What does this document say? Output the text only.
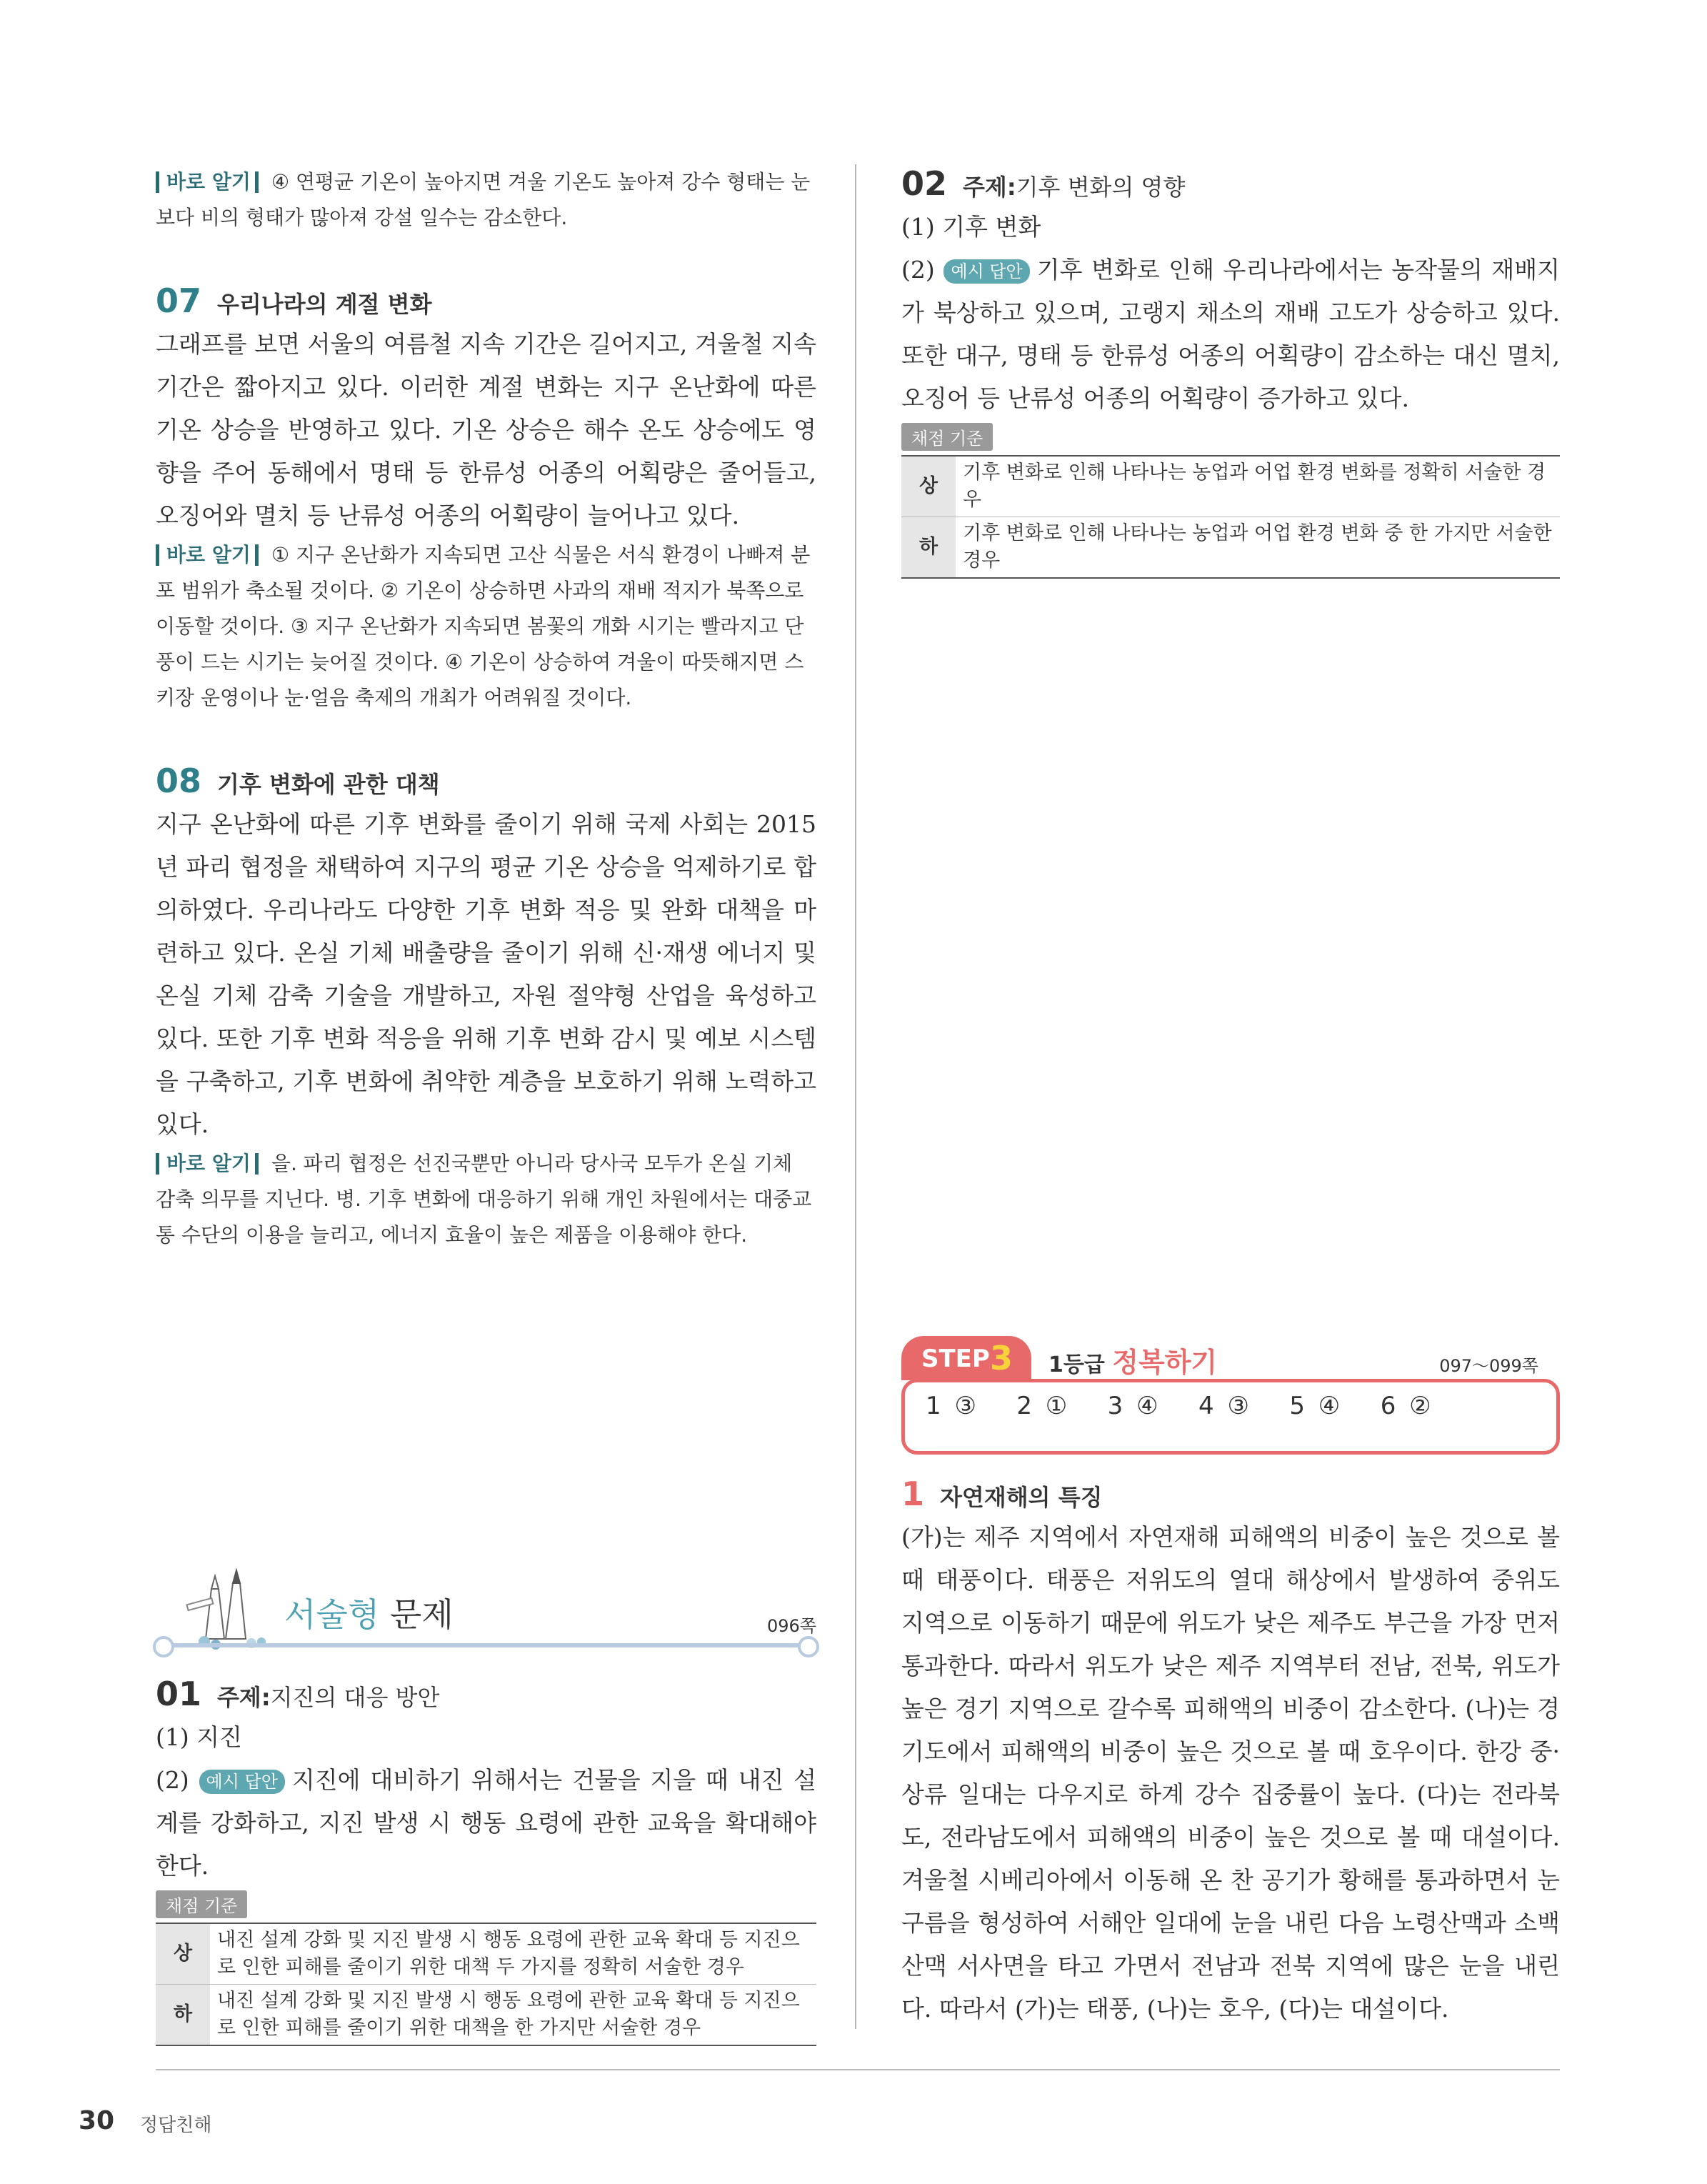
바로 알기 ④ 연평균 기온이 높아지면 겨울 기온도 높아져 강수 형태는 눈보다 비의 형태가 많아져 강설 일수는 감소한다.

07 우리나라의 계절 변화

그래프를 보면 서울의 여름철 지속 기간은 길어지고, 겨울철 지속 기간은 짧아지고 있다. 이러한 계절 변화는 지구 온난화에 따른 기온 상승을 반영하고 있다. 기온 상승은 해수 온도 상승에도 영향을 주어 동해에서 명태 등 한류성 어종의 어획량은 줄어들고, 오징어와 멸치 등 난류성 어종의 어획량이 늘어나고 있다.

바로 알기 ① 지구 온난화가 지속되면 고산 식물은 서식 환경이 나빠져 분포 범위가 축소될 것이다. ② 기온이 상승하면 사과의 재배 적지가 북쪽으로 이동할 것이다. ③ 지구 온난화가 지속되면 봄꽃의 개화 시기는 빨라지고 단풍이 드는 시기는 늦어질 것이다. ④ 기온이 상승하여 겨울이 따뜻해지면 스키장 운영이나 눈·얼음 축제의 개최가 어려워질 것이다.

08 기후 변화에 관한 대책

지구 온난화에 따른 기후 변화를 줄이기 위해 국제 사회는 2015년 파리 협정을 채택하여 지구의 평균 기온 상승을 억제하기로 합의하였다. 우리나라도 다양한 기후 변화 적응 및 완화 대책을 마련하고 있다. 온실 기체 배출량을 줄이기 위해 신·재생 에너지 및 온실 기체 감축 기술을 개발하고, 자원 절약형 산업을 육성하고 있다. 또한 기후 변화 적응을 위해 기후 변화 감시 및 예보 시스템을 구축하고, 기후 변화에 취약한 계층을 보호하기 위해 노력하고 있다.

바로 알기 을. 파리 협정은 선진국뿐만 아니라 당사국 모두가 온실 기체 감축 의무를 지닌다. 병. 기후 변화에 대응하기 위해 개인 차원에서는 대중교통 수단의 이용을 늘리고, 에너지 효율이 높은 제품을 이용해야 한다.

서술형 문제	096쪽
01 주제: 지진의 대응 방안

(1) 지진

(2) 예시 답안 지진에 대비하기 위해서는 건물을 지을 때 내진 설계를 강화하고, 지진 발생 시 행동 요령에 관한 교육을 확대해야 한다.

채점 기준
상	내진 설계 강화 및 지진 발생 시 행동 요령에 관한 교육 확대 등 지진으로 인한 피해를 줄이기 위한 대책 두 가지를 정확히 서술한 경우
하	내진 설계 강화 및 지진 발생 시 행동 요령에 관한 교육 확대 등 지진으로 인한 피해를 줄이기 위한 대책을 한 가지만 서술한 경우
02 주제: 기후 변화의 영향

(1) 기후 변화

(2) 예시 답안 기후 변화로 인해 우리나라에서는 농작물의 재배지가 북상하고 있으며, 고랭지 채소의 재배 고도가 상승하고 있다. 또한 대구, 명태 등 한류성 어종의 어획량이 감소하는 대신 멸치, 오징어 등 난류성 어종의 어획량이 증가하고 있다.

채점 기준
상	기후 변화로 인해 나타나는 농업과 어업 환경 변화를 정확히 서술한 경우
하	기후 변화로 인해 나타나는 농업과 어업 환경 변화 중 한 가지만 서술한 경우
STEP 3 1등급 정복하기	097～099쪽
1 ③   2 ①   3 ④   4 ③   5 ④   6 ②
1 자연재해의 특징

(가)는 제주 지역에서 자연재해 피해액의 비중이 높은 것으로 볼 때 태풍이다. 태풍은 저위도의 열대 해상에서 발생하여 중위도 지역으로 이동하기 때문에 위도가 낮은 제주도 부근을 가장 먼저 통과한다. 따라서 위도가 낮은 제주 지역부터 전남, 전북, 위도가 높은 경기 지역으로 갈수록 피해액의 비중이 감소한다. (나)는 경기도에서 피해액의 비중이 높은 것으로 볼 때 호우이다. 한강 중·상류 일대는 다우지로 하계 강수 집중률이 높다. (다)는 전라북도, 전라남도에서 피해액의 비중이 높은 것으로 볼 때 대설이다. 겨울철 시베리아에서 이동해 온 찬 공기가 황해를 통과하면서 눈구름을 형성하여 서해안 일대에 눈을 내린 다음 노령산맥과 소백산맥 서사면을 타고 가면서 전남과 전북 지역에 많은 눈을 내린다. 따라서 (가)는 태풍, (나)는 호우, (다)는 대설이다.

30 정답친해
